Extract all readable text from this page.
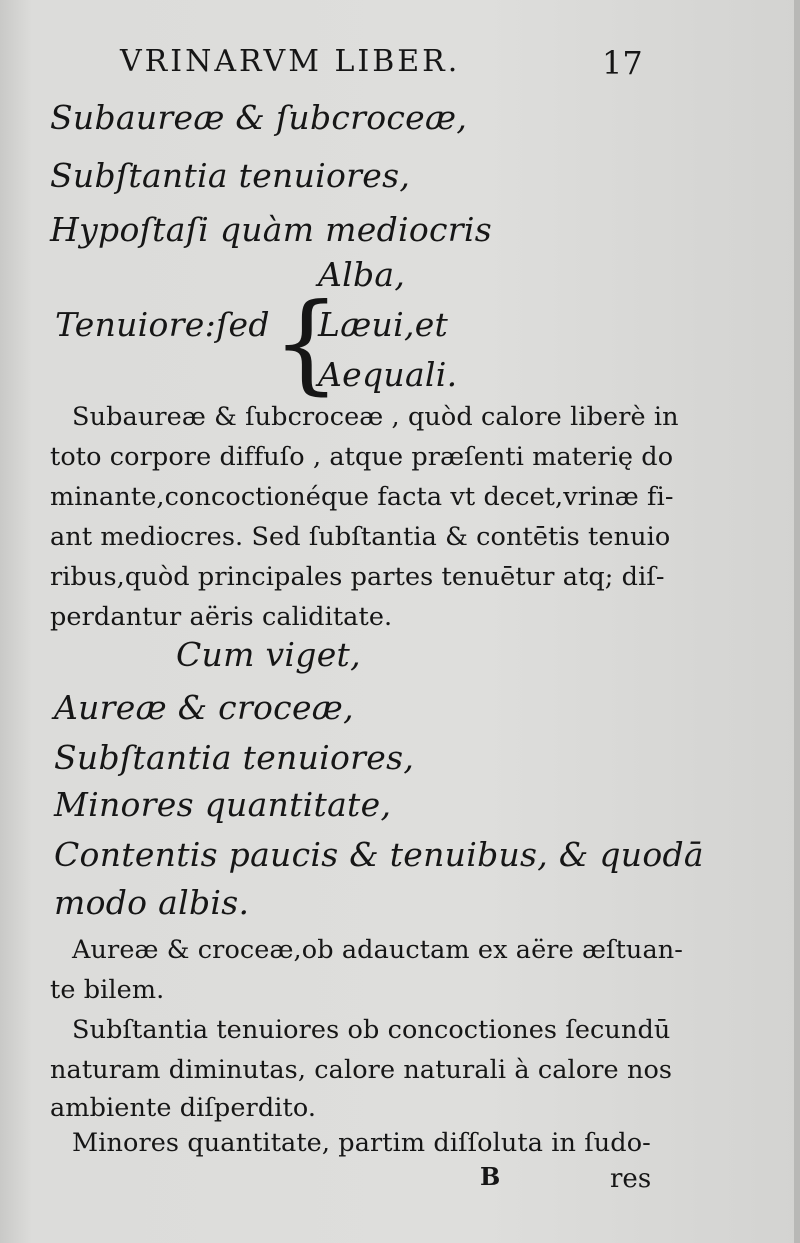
VRINARVM LIBER.	17
Subaureæ & ſubcroceæ,
Subſtantia tenuiores,
Hypoſtaſi quàm mediocris
Alba,
Tenuiore:ſed {
Læui,et
Aequali.
Subaureæ & ſubcroceæ , quòd calore liberè in
toto corpore diffuſo , atque præſenti materię do
minante,concoctionéque facta vt decet,vrinæ fi-
ant mediocres. Sed ſubſtantia & contētis tenuio
ribus,quòd principales partes tenuētur atq; diſ-
perdantur aëris caliditate.
Cum viget,
Aureæ & croceæ,
Subſtantia tenuiores,
Minores quantitate,
Contentis paucis & tenuibus, & quodā
modo albis.
Aureæ & croceæ,ob adauctam ex aëre æſtuan-
te bilem.
Subſtantia tenuiores ob concoctiones ſecundū
naturam diminutas, calore naturali à calore nos
ambiente diſperdito.
Minores quantitate, partim diſſoluta in ſudo-
B	res
